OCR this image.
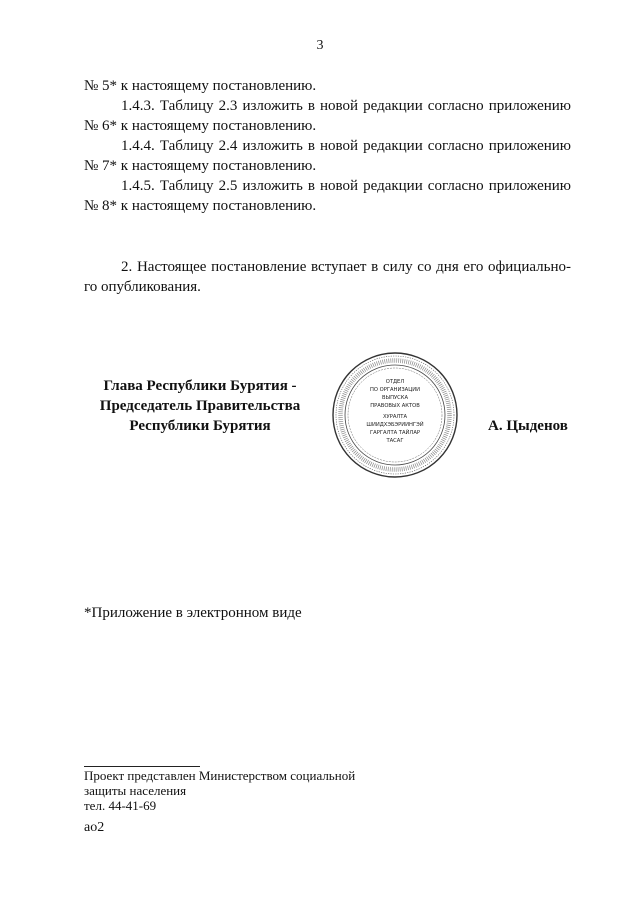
3
№ 5* к настоящему постановлению.
1.4.3. Таблицу 2.3 изложить в новой редакции согласно приложению
№ 6* к настоящему постановлению.
1.4.4. Таблицу 2.4 изложить в новой редакции согласно приложению
№ 7* к настоящему постановлению.
1.4.5. Таблицу 2.5 изложить в новой редакции согласно приложению
№ 8* к настоящему постановлению.
2. Настоящее постановление вступает в силу со дня его официально-
го опубликования.
Глава Республики Бурятия -
Председатель Правительства
Республики Бурятия
ОТДЕЛ
ПО ОРГАНИЗАЦИИ
ВЫПУСКА
ПРАВОВЫХ АКТОВ
ХУРАЛТА
ШИИДХЭБЭРИИНГЭЙ
ГАРГАЛТА ТАЙЛАР
ТАСАГ
А. Цыденов
*Приложение в электронном виде
Проект представлен Министерством социальной
защиты населения
тел. 44-41-69
ао2
